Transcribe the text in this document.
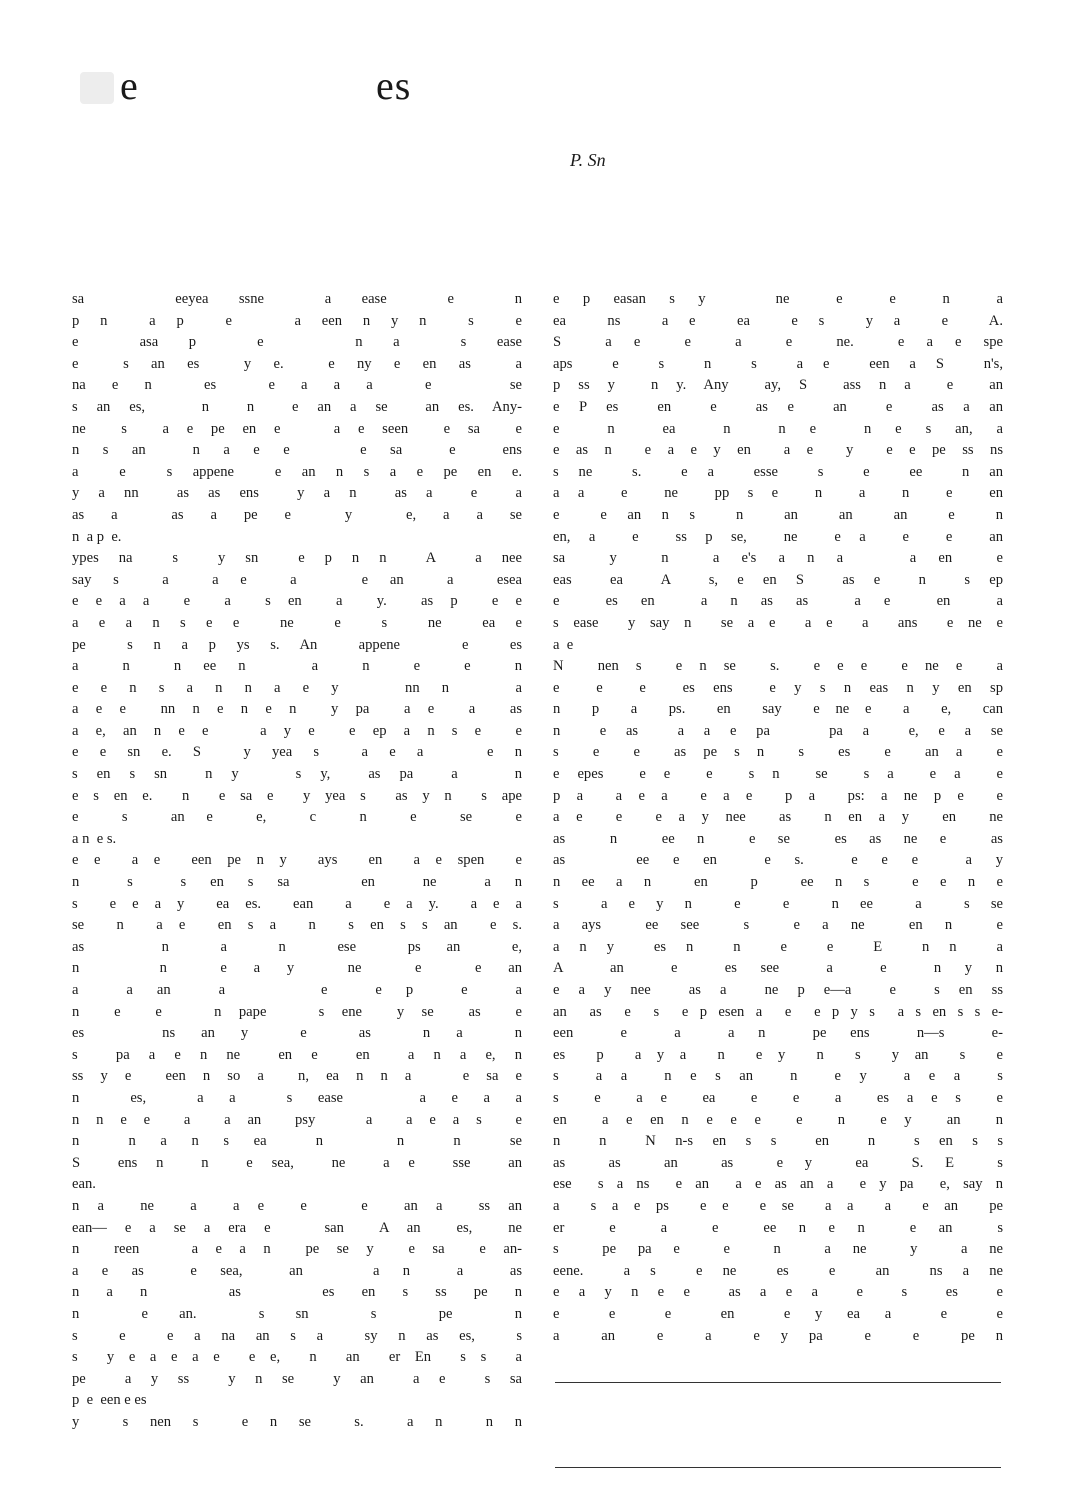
e	es
P. Sn
sa   eeyea ssne  a ease  e  n
p n  a p  e   a een n y n  s  e
e  asa p  e   n a  s ease
e  s an es  y e.  e ny e en as  a
na e n  es  e a a a  e   se
s an es,   n  n  e an a se  an es. Any-
ne  s  a e pe en e   a e seen  e sa  e
n s an  n a e e   e sa  e  ens
a  e  s appene  e an n s a e pe en e.
y a nn  as as ens  y a n  as a  e  a
as a  as a pe e  y  e, a a se
n  a p  e.
ypes na  s  y sn  e p n n  A  a nee
say s  a  a e  a   e an  a  esea
e e a a  e  a  s en  a  y.  as p  e e
a e a n s e e  ne  e  s  ne  ea e
pe  s n a p ys s. An  appene   e  es
a  n  n ee n   a  n  e  e  n
e e n s a n n a e y   nn n   a
a e e  nn n e n e n  y pa  a e  a  as
a e, an n e e   a y e  e ep a n s e  e
e e sn e. S  y yea s  a e a   e n
s en s sn  n y   s y,  as pa  a   n
e s en e.  n  e sa e  y yea s  as y n  s ape
e  s  an e  e,  c  n  e  se  e
a n  e s.
e e  a e  een pe n y  ays  en  a e spen  e
n  s  s en s sa   en  ne  a n
s  e e a y  ea es.  ean  a  e a y.  a e a
se  n  a e  en s a  n  s en s s an  e s.
as   n  a  n  ese  ps an  e,
n   n  e a y  ne  e  e an
a  a an  a    e  e p  e  a
n  e  e   n pape   s ene  y se  as  e
es   ns an y  e  as  n a  n
s  pa a e n ne  en e  en  a n a e, n
ss y e  een n so a  n, ea n n a   e sa e
n  es,  a a  s ease   a e a a
n n e e  a  a an  psy   a  a e a s  e
n  n a n s ea  n   n  n  se
S  ens n  n  e sea,  ne  a e  sse  an
ean.
n a  ne  a  a e  e   e  an a  ss an
ean— e a se a era e   san  A an  es,  ne
n  reen   a e a n  pe se y  e sa  e an-
a e as  e sea,  an   a n  a  as
n a n   as   es en s ss pe n
n  e an.  s sn  s  pe  n
s  e  e a na an s a  sy n as es,  s
s  y e a e a e  e e,  n  an  er En  s s  a
pe  a y ss  y n se  y an  a e  s sa
p  e  een e es
y  s nen s  e n se  s.  a n  n n
e p easan s y   ne  e  e  n  a
ea  ns  a e  ea  e s  y a  e  A.
S  a e  e  a  e  ne.  e a e spe
aps  e  s  n  s  a e  een a S  n's,
p ss y  n y. Any  ay, S  ass n a  e  an
e P es  en  e  as e  an  e  as a an
e  n  ea  n  n e  n e s an, a
e as n  e a e y en  a e  y  e e pe ss ns
s ne  s.  e a  esse  s  e  ee  n an
a a  e  ne  pp s e  n  a  n  e  en
e  e an n s  n  an  an  an  e  n
en, a  e  ss p se,  ne  e a  e  e  an
sa  y  n  a e's a n a   a en  e
eas  ea  A  s, e en S  as e  n  s ep
e  es en  a n as as  a e  en  a
s ease  y say n  se a e  a e  a  ans  e ne e
a  e
N  nen s  e n se  s.  e e e  e ne e  a
e  e  e  es ens  e y s n eas n y en sp
n  p  a  ps.  en  say  e ne e  a  e,  can
n  e as  a a e pa   pa a  e, e a se
s  e  e  as pe s n  s  es  e  an a  e
e epes  e e  e  s n  se  s a  e a  e
p a  a e a  e a e  p a  ps: a ne p e  e
a e  e  e a y nee  as  n en a y  en  ne
as  n  ee n  e se  es as ne e  as
as   ee e en  e s.  e e e  a y
n ee a n  en  p  ee n s  e e n e
s  a e y n  e  e  n ee  a  s se
a ays  ee see  s  e a ne  en n  e
a n y  es n  n  e  e  E  n n  a
A  an  e  es see  a  e  n y n
e a y nee  as a  ne p e—a  e  s en ss
an  as  e  s  e p esen a  e  e p y s  a s en s s e-
een  e  a  a n  pe ens  n—s  e-
es  p  a y a  n  e y  n  s  y an  s  e
s  a a  n e s an  n  e y  a e a  s
s  e  a e  ea  e  e  a  es a e s  e
en  a e en n e e e  e  n  e y  an  n
n  n  N n-s en s s  en  n  s en s s
as  as  an  as  e y  ea  S. E  s
ese  s a ns  e an  a e as an a  e y pa  e, say n
a  s a e ps  e e  e se  a a  a  e an  pe
er  e  a  e  ee n e n  e an  s
s  pe pa e  e  n  a ne  y  a ne
eene.  a s  e ne  es  e  an  ns a ne
e a y n e e  as a e a  e  s  es  e
e  e  e  en  e y ea a  e  e
a  an  e  a  e y pa  e  e  pe n
